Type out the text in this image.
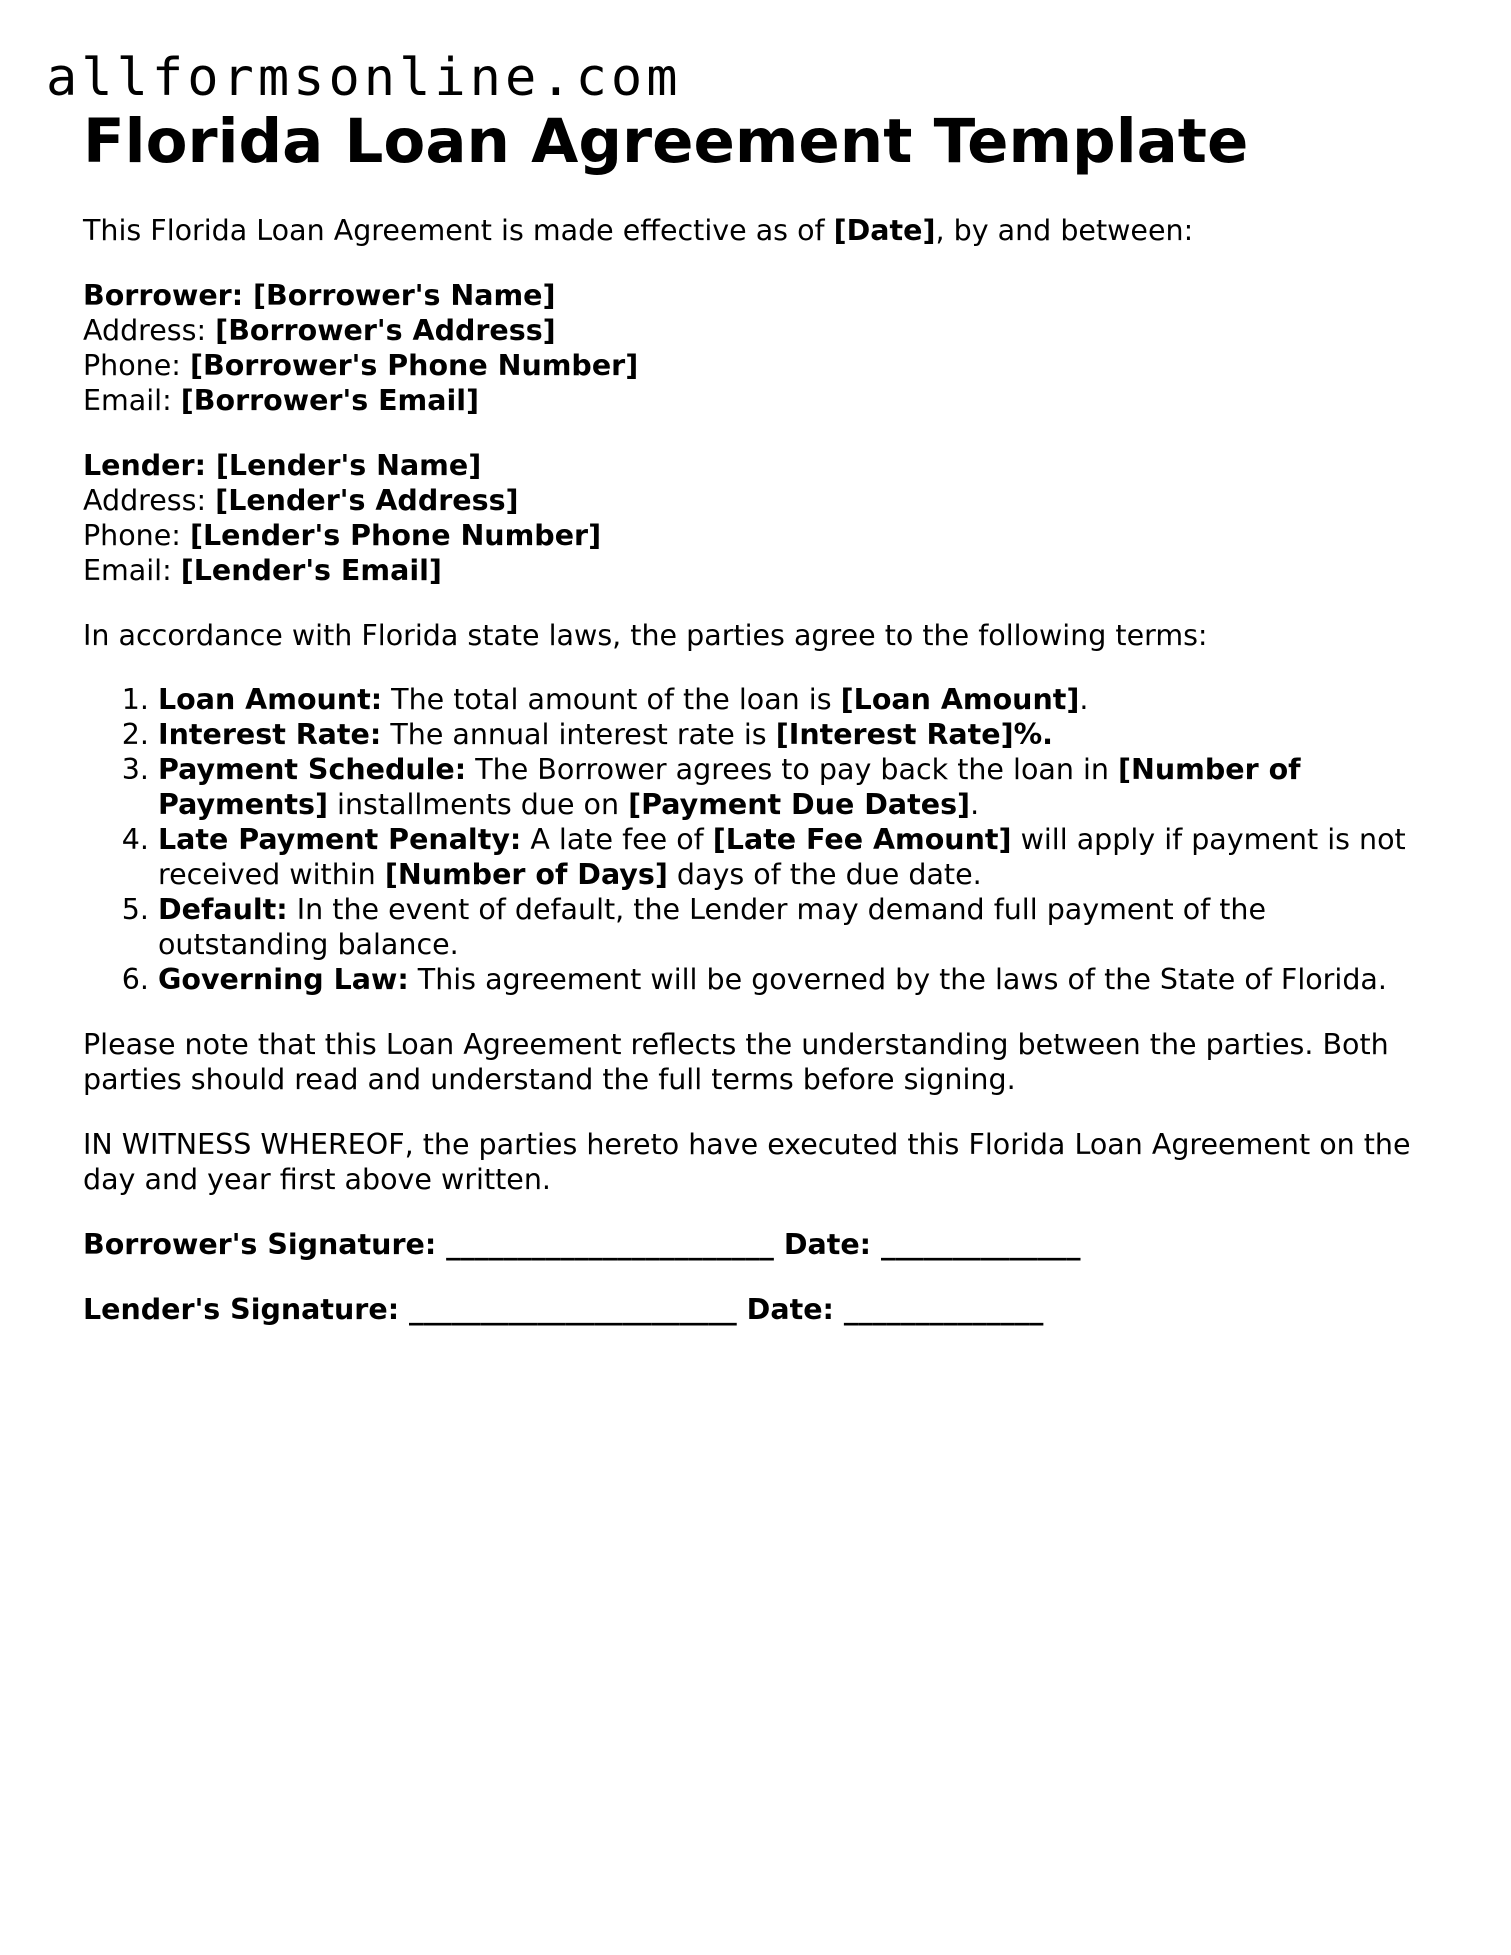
allformsonline.com
Florida Loan Agreement Template

This Florida Loan Agreement is made effective as of [Date], by and between:

Borrower: [Borrower's Name]
Address: [Borrower's Address]
Phone: [Borrower's Phone Number]
Email: [Borrower's Email]
Lender: [Lender's Name]
Address: [Lender's Address]
Phone: [Lender's Phone Number]
Email: [Lender's Email]

In accordance with Florida state laws, the parties agree to the following terms:

1. Loan Amount: The total amount of the loan is [Loan Amount].
2. Interest Rate: The annual interest rate is [Interest Rate]%.
3. Payment Schedule: The Borrower agrees to pay back the loan in [Number of Payments] installments due on [Payment Due Dates].
4. Late Payment Penalty: A late fee of [Late Fee Amount] will apply if payment is not received within [Number of Days] days of the due date.
5. Default: In the event of default, the Lender may demand full payment of the outstanding balance.
6. Governing Law: This agreement will be governed by the laws of the State of Florida.

Please note that this Loan Agreement reflects the understanding between the parties. Both parties should read and understand the full terms before signing.

IN WITNESS WHEREOF, the parties hereto have executed this Florida Loan Agreement on the day and year first above written.

Borrower's Signature: _______________________ Date: ______________

Lender's Signature: _______________________ Date: ______________
